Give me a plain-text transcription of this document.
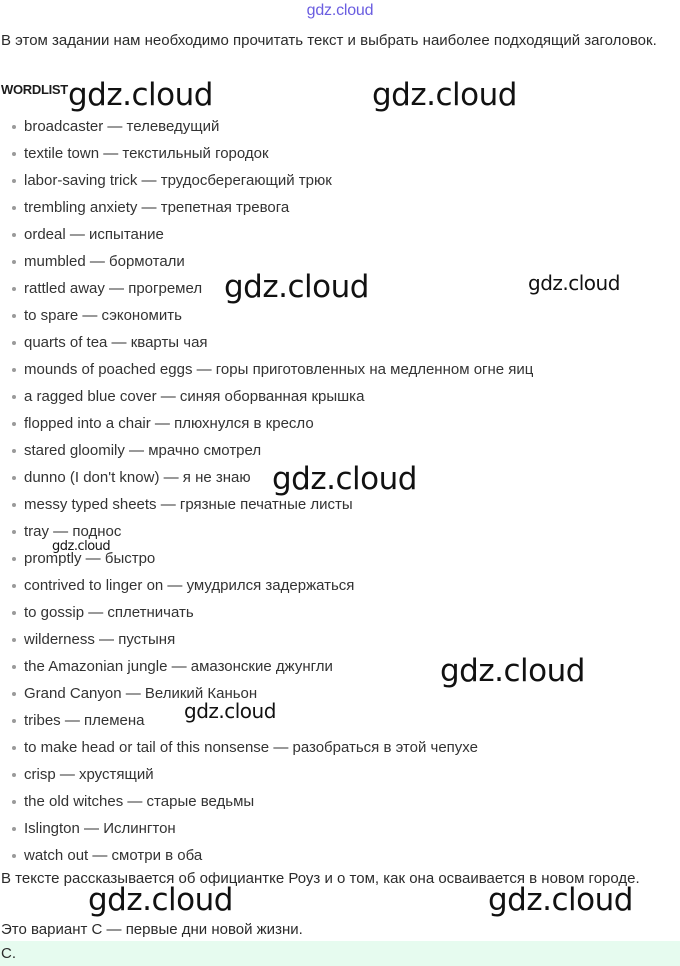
gdz.cloud
В этом задании нам необходимо прочитать текст и выбрать наиболее подходящий заголовок.
WORDLIST
broadcaster — телеведущий
textile town — текстильный городок
labor-saving trick — трудосберегающий трюк
trembling anxiety — трепетная тревога
ordeal — испытание
mumbled — бормотали
rattled away — прогремел
to spare — сэкономить
quarts of tea — кварты чая
mounds of poached eggs — горы приготовленных на медленном огне яиц
a ragged blue cover — синяя оборванная крышка
flopped into a chair — плюхнулся в кресло
stared gloomily — мрачно смотрел
dunno (I don't know) — я не знаю
messy typed sheets — грязные печатные листы
tray — поднос
promptly — быстро
contrived to linger on — умудрился задержаться
to gossip — сплетничать
wilderness — пустыня
the Amazonian jungle — амазонские джунгли
Grand Canyon — Великий Каньон
tribes — племена
to make head or tail of this nonsense — разобраться в этой чепухе
crisp — хрустящий
the old witches — старые ведьмы
Islington — Ислингтон
watch out — смотри в оба
В тексте рассказывается об официантке Роуз и о том, как она осваивается в новом городе.
Это вариант C — первые дни новой жизни.
C.
gdz.cloud	gdz.cloud
gdz.cloud	gdz.cloud
gdz.cloud
gdz.cloud
gdz.cloud
gdz.cloud
gdz.cloud	gdz.cloud
